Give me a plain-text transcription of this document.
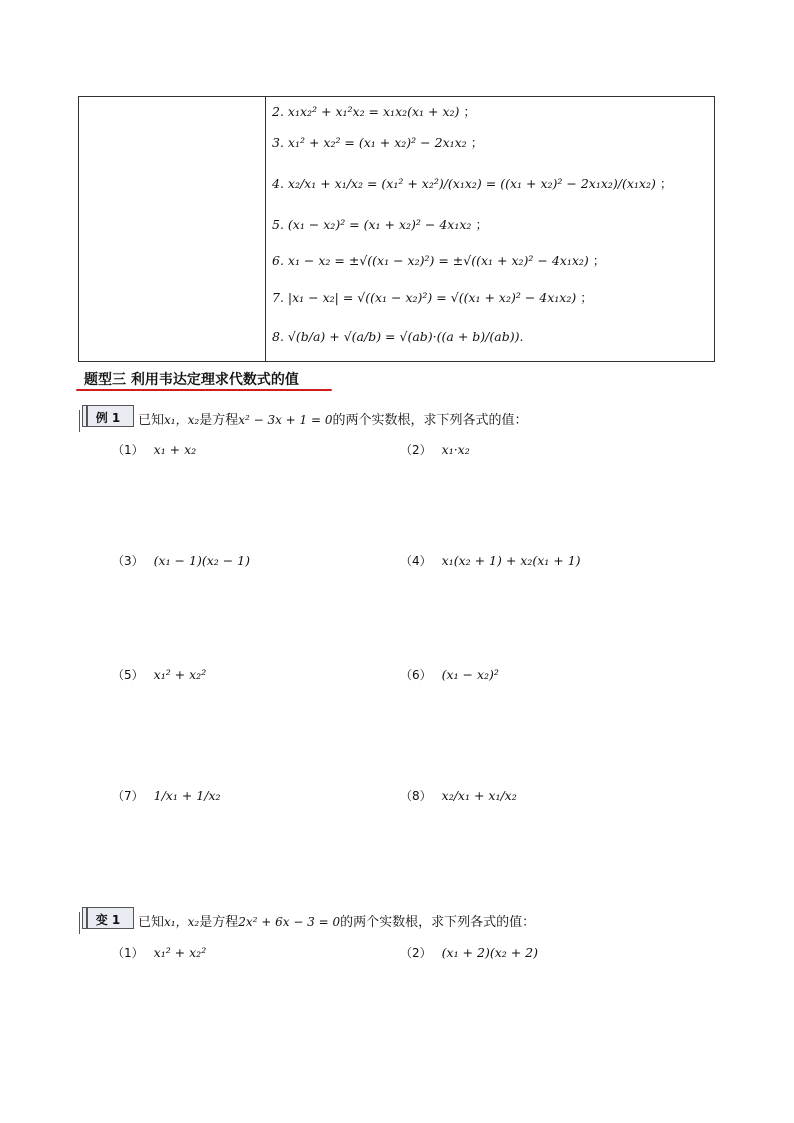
2. x₁x₂² + x₁²x₂ = x₁x₂(x₁ + x₂) ；
3. x₁² + x₂² = (x₁ + x₂)² − 2x₁x₂ ；
4. x₂/x₁ + x₁/x₂ = (x₁² + x₂²)/(x₁x₂) = ((x₁ + x₂)² − 2x₁x₂)/(x₁x₂) ；
5. (x₁ − x₂)² = (x₁ + x₂)² − 4x₁x₂ ；
6. x₁ − x₂ = ±√((x₁ − x₂)²) = ±√((x₁ + x₂)² − 4x₁x₂) ；
7. |x₁ − x₂| = √((x₁ − x₂)²) = √((x₁ + x₂)² − 4x₁x₂) ；
8. √(b/a) + √(a/b) = √(ab)·((a + b)/(ab)).
题型三 利用韦达定理求代数式的值
例 1	已知x₁，x₂是方程x² − 3x + 1 = 0的两个实数根，求下列各式的值：
（1） x₁ + x₂	（2） x₁·x₂
（3） (x₁ − 1)(x₂ − 1)	（4） x₁(x₂ + 1) + x₂(x₁ + 1)
（5） x₁² + x₂²	（6） (x₁ − x₂)²
（7） 1/x₁ + 1/x₂	（8） x₂/x₁ + x₁/x₂
变 1	已知x₁，x₂是方程2x² + 6x − 3 = 0的两个实数根，求下列各式的值：
（1） x₁² + x₂²	（2） (x₁ + 2)(x₂ + 2)
